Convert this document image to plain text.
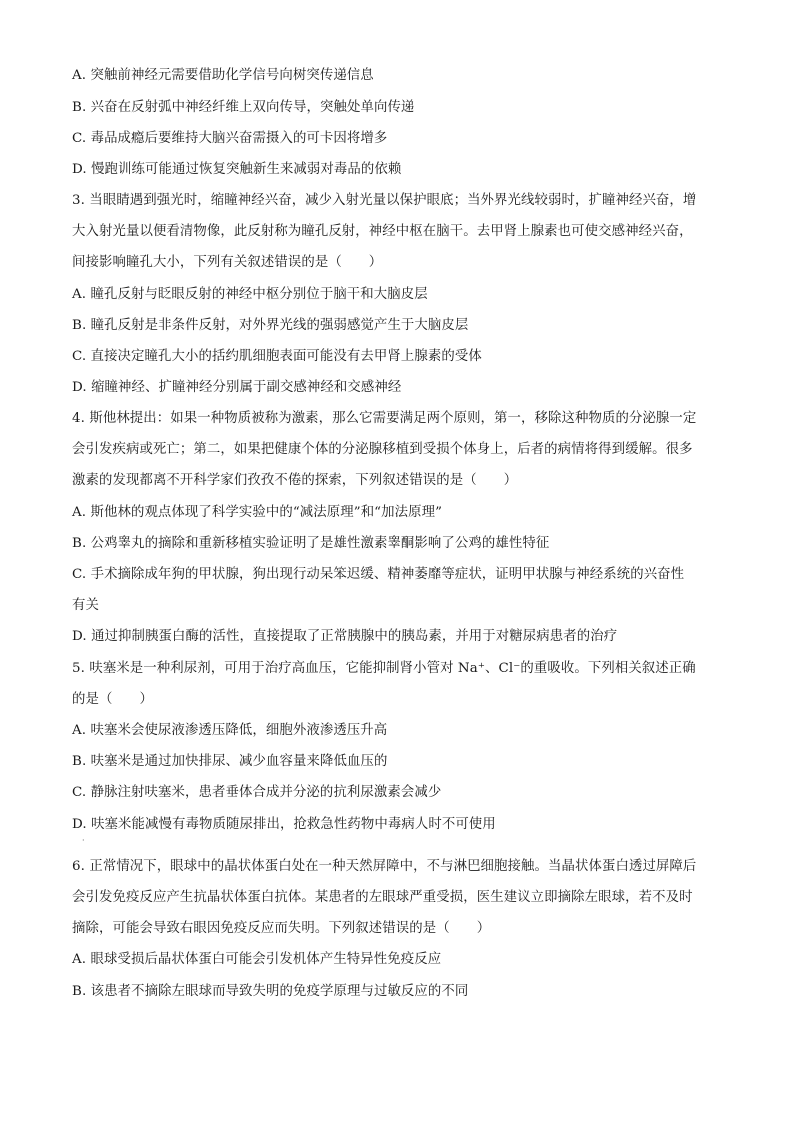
A. 突触前神经元需要借助化学信号向树突传递信息
B. 兴奋在反射弧中神经纤维上双向传导，突触处单向传递
C. 毒品成瘾后要维持大脑兴奋需摄入的可卡因将增多
D. 慢跑训练可能通过恢复突触新生来减弱对毒品的依赖
3. 当眼睛遇到强光时，缩瞳神经兴奋，减少入射光量以保护眼底；当外界光线较弱时，扩瞳神经兴奋，增
大入射光量以便看清物像，此反射称为瞳孔反射，神经中枢在脑干。去甲肾上腺素也可使交感神经兴奋，
间接影响瞳孔大小，下列有关叙述错误的是（　　）
A. 瞳孔反射与眨眼反射的神经中枢分别位于脑干和大脑皮层
B. 瞳孔反射是非条件反射，对外界光线的强弱感觉产生于大脑皮层
C. 直接决定瞳孔大小的括约肌细胞表面可能没有去甲肾上腺素的受体
D. 缩瞳神经、扩瞳神经分别属于副交感神经和交感神经
4. 斯他林提出：如果一种物质被称为激素，那么它需要满足两个原则，第一，移除这种物质的分泌腺一定
会引发疾病或死亡；第二，如果把健康个体的分泌腺移植到受损个体身上，后者的病情将得到缓解。很多
激素的发现都离不开科学家们孜孜不倦的探索，下列叙述错误的是（　　）
A. 斯他林的观点体现了科学实验中的“减法原理”和“加法原理”
B. 公鸡睾丸的摘除和重新移植实验证明了是雄性激素睾酮影响了公鸡的雄性特征
C. 手术摘除成年狗的甲状腺，狗出现行动呆笨迟缓、精神萎靡等症状，证明甲状腺与神经系统的兴奋性
有关
D. 通过抑制胰蛋白酶的活性，直接提取了正常胰腺中的胰岛素，并用于对糖尿病患者的治疗
5. 呋塞米是一种利尿剂，可用于治疗高血压，它能抑制肾小管对 Na⁺、Cl⁻的重吸收。下列相关叙述正确
的是（　　）
A. 呋塞米会使尿液渗透压降低，细胞外液渗透压升高
B. 呋塞米是通过加快排尿、减少血容量来降低血压的
C. 静脉注射呋塞米，患者垂体合成并分泌的抗利尿激素会减少
D. 呋塞米能减慢有毒物质随尿排出，抢救急性药物中毒病人时不可使用
·
6. 正常情况下，眼球中的晶状体蛋白处在一种天然屏障中，不与淋巴细胞接触。当晶状体蛋白透过屏障后
会引发免疫反应产生抗晶状体蛋白抗体。某患者的左眼球严重受损，医生建议立即摘除左眼球，若不及时
摘除，可能会导致右眼因免疫反应而失明。下列叙述错误的是（　　）
A. 眼球受损后晶状体蛋白可能会引发机体产生特异性免疫反应
B. 该患者不摘除左眼球而导致失明的免疫学原理与过敏反应的不同
